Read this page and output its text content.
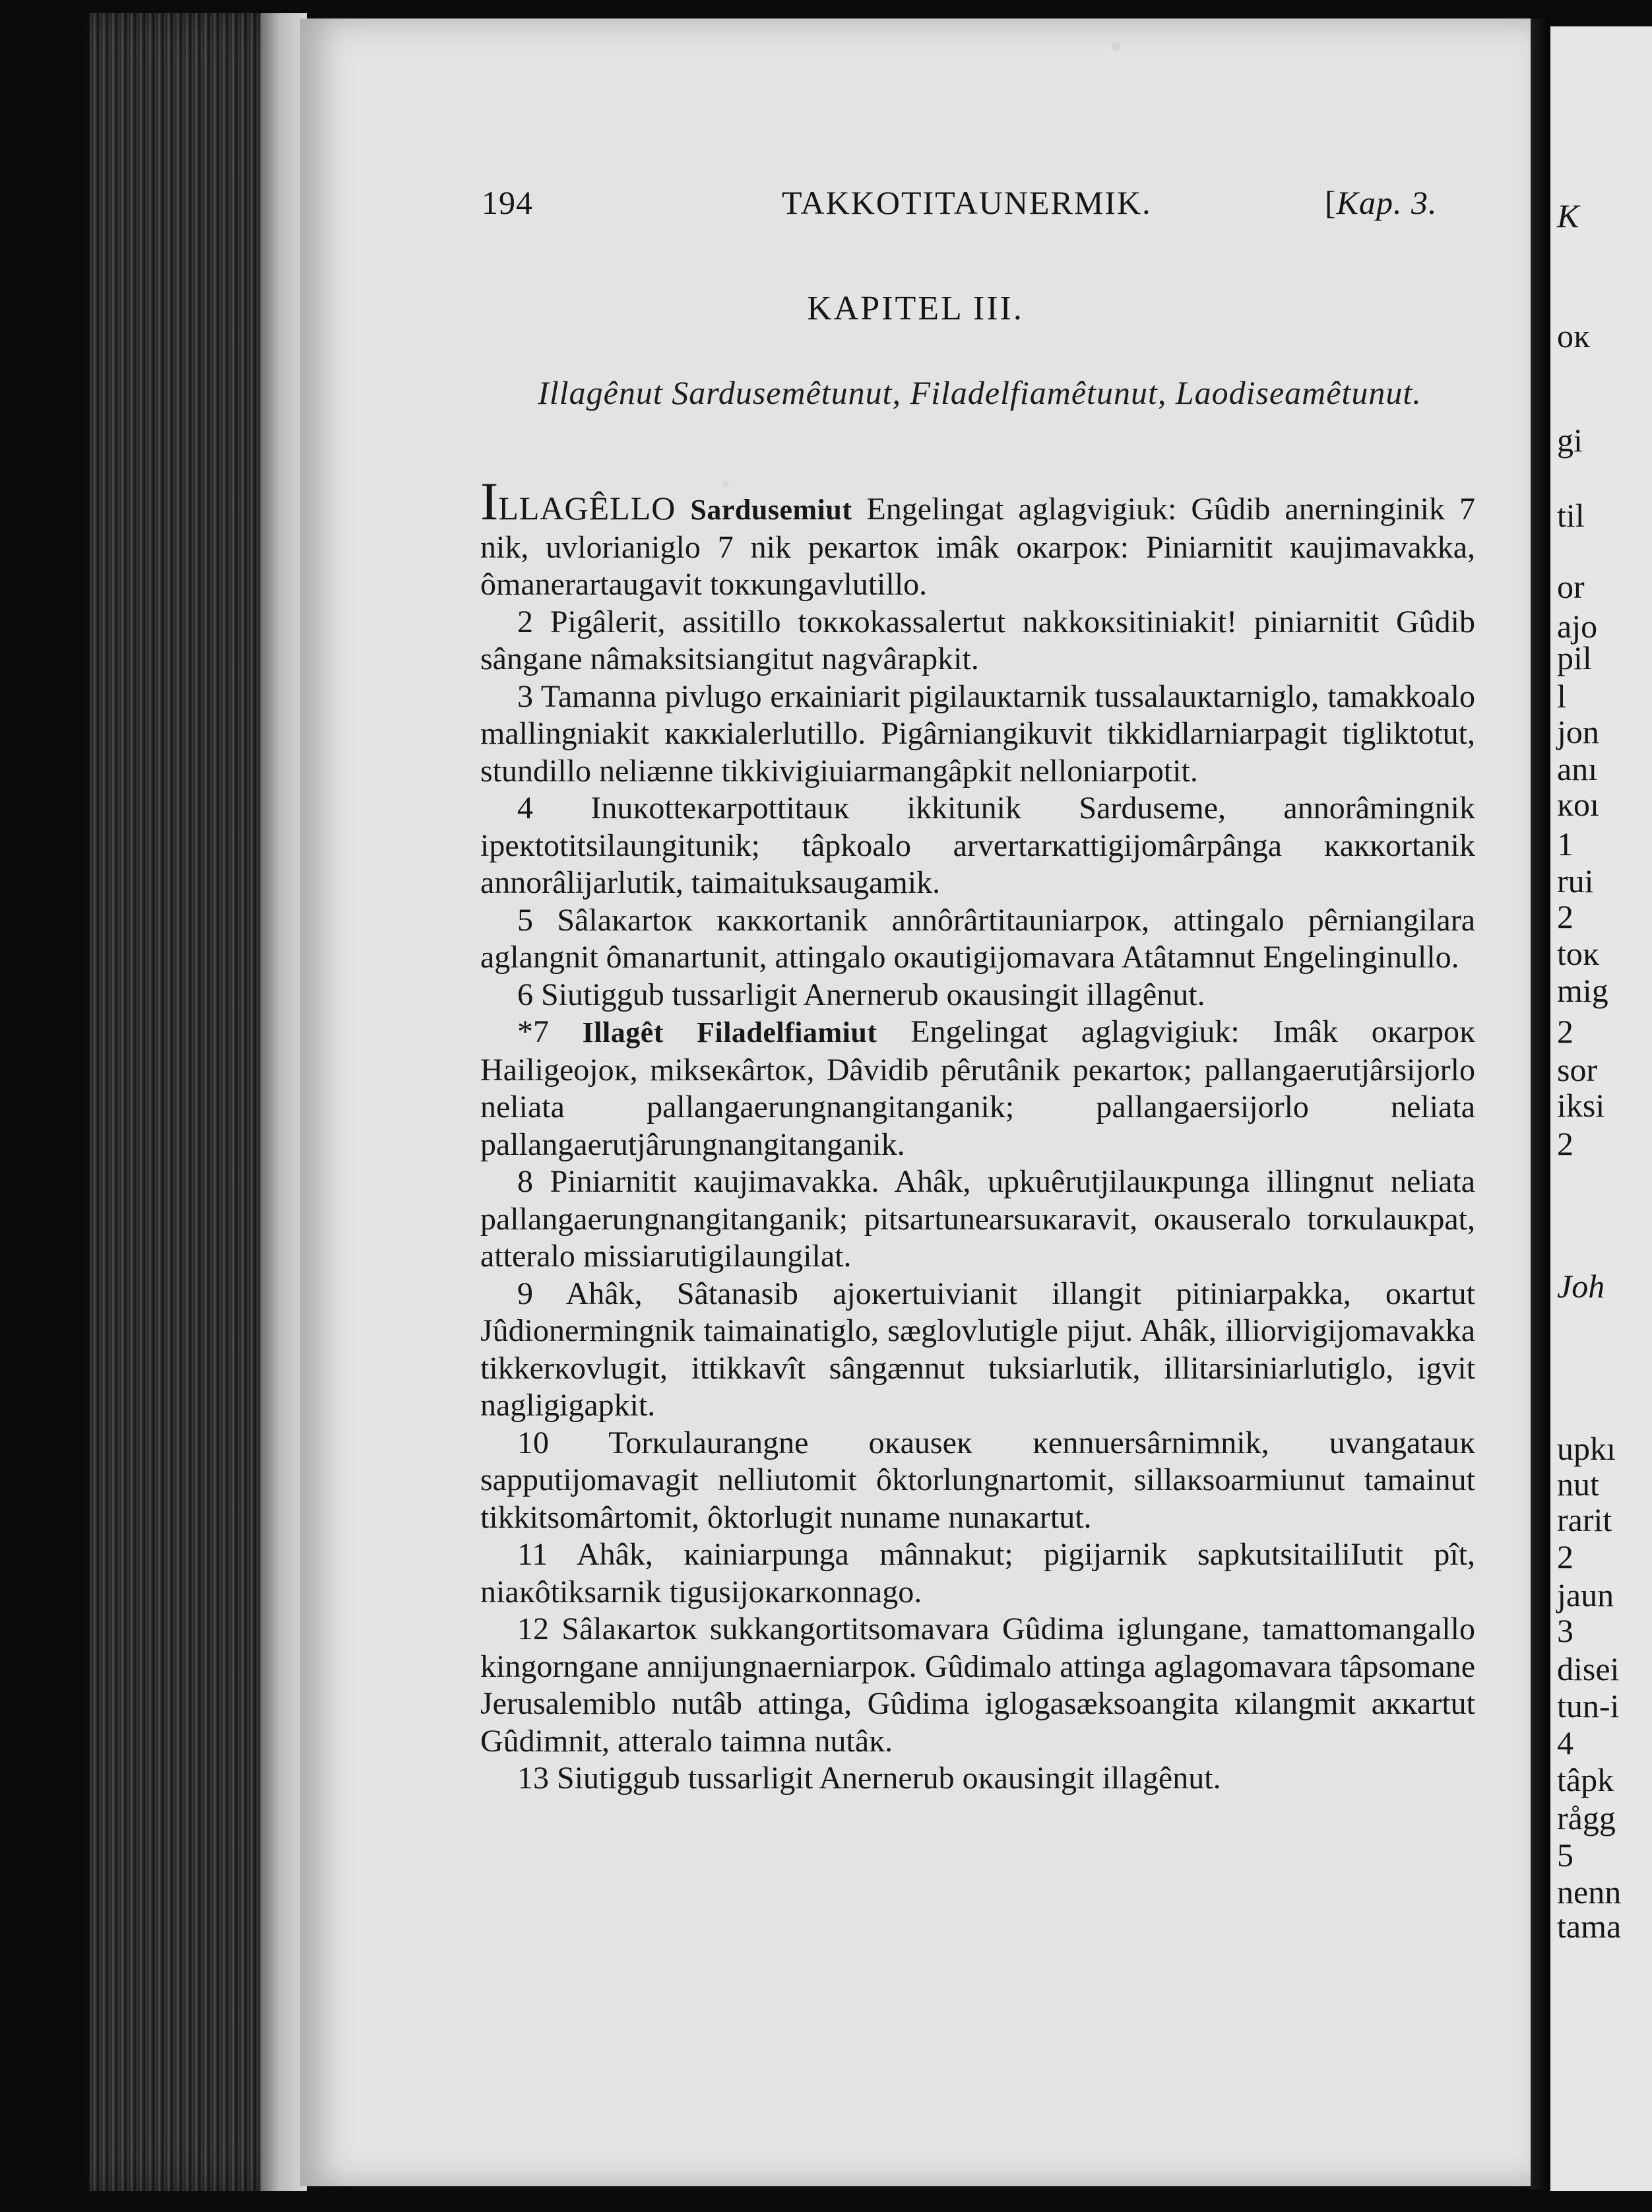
K
oĸ
gi
til
or
ajo
pil
l
jon
anı
ĸoı
1
rui
2
toĸ
mig
2
sor
iksi
2
Joh
upkı
nut
rarit
2
jaun
3
disei
tun-i
4
tâpk
rågg
5
nenn
tama
194	TAKKOTITAUNERMIK.	[Kap. 3.
KAPITEL III.
Illagênut Sardusemêtunut, Filadelfiamêtunut, Laodiseamêtunut.

ILLAGÊLLO Sardusemiut Engelingat aglagvigiuk: Gûdib anerninginik 7 nik, uvlorianiglo 7 nik peĸartoĸ imâk oĸarpoĸ: Piniarnitit ĸaujimavakka, ômanerartaugavit toĸĸungavlutillo.

2 Pigâlerit, assitillo toĸĸokassalertut nakkoĸsitiniakit! piniarnitit Gûdib sângane nâmaksitsiangitut nagvârapkit.

3 Tamanna pivlugo erĸainiarit pigilauĸtarnik tussalauĸtarniglo, tamakkoalo mallingniakit ĸaĸĸialerlutillo. Pigârniangikuvit tikkidlarniarpagit tigliktotut, stundillo neliænne tikkivigiuiarmangâpkit nelloniarpotit.

4 Inuĸottеĸarpottitauĸ ikkitunik Sarduseme, annorâmingnik ipeĸtotitsilaungitunik; tâpkoalo arvertarĸattigijomârpânga ĸaĸĸortanik annorâlijarlutik, taimaituksaugamik.

5 Sâlaĸartoĸ ĸaĸĸortanik annôrârtitauniarpoĸ, attingalo pêrniangilara aglangnit ômanartunit, attingalo oĸautigijomavara Atâtamnut Engelinginullo.

6 Siutiggub tussarligit Anernerub oĸausingit illagênut.

*7 Illagêt Filadelfiamiut Engelingat aglagvigiuk: Imâk oĸarpoĸ Hailigeojoĸ, mikseĸârtoĸ, Dâvidib pêrutânik peĸartoĸ; pallangaerutjârsijorlo neliata pallangaerungnangitanganik; pallangaersijorlo neliata pallangaerutjârungnangitanganik.

8 Piniarnitit ĸaujimavakka. Ahâk, upkuêrutjilauĸpunga illingnut neliata pallangaerungnangitanganik; pitsartunearsuĸaravit, oĸauseralo torĸulauĸpat, atteralo missiarutigilaungilat.

9 Ahâk, Sâtanasib ajoĸertuivianit illangit pitiniarpakka, oĸartut Jûdionermingnik taimainatiglo, sæglovlutigle pijut. Ahâk, illiorvigijomavakka tikkerĸovlugit, ittikkavît sângænnut tuksiarlutik, illitarsiniarlutiglo, igvit nagligigapkit.

10 Torĸulaurangne oĸauseĸ ĸennuersârnimnik, uvangatauĸ sapputijomavagit nelliutomit ôktorlungnartomit, sillaĸsoarmiunut tamainut tikkitsomârtomit, ôktorlugit nuname nunaĸartut.

11 Ahâk, ĸainiarpunga mânnakut; pigijarnik sapkutsitailiIutit pît, niaĸôtiksarnik tigusijoĸarĸonnago.

12 Sâlaĸartoĸ sukkangortitsomavara Gûdima iglungane, tamattomangallo kingorngane annijungnaerniarpoĸ. Gûdimalo attinga aglagomavara tâpsomane Jerusalemiblo nutâb attinga, Gûdima iglogasæksoangita ĸilangmit aĸĸartut Gûdimnit, atteralo taimna nutâĸ.

13 Siutiggub tussarligit Anernerub oĸausingit illagênut.
